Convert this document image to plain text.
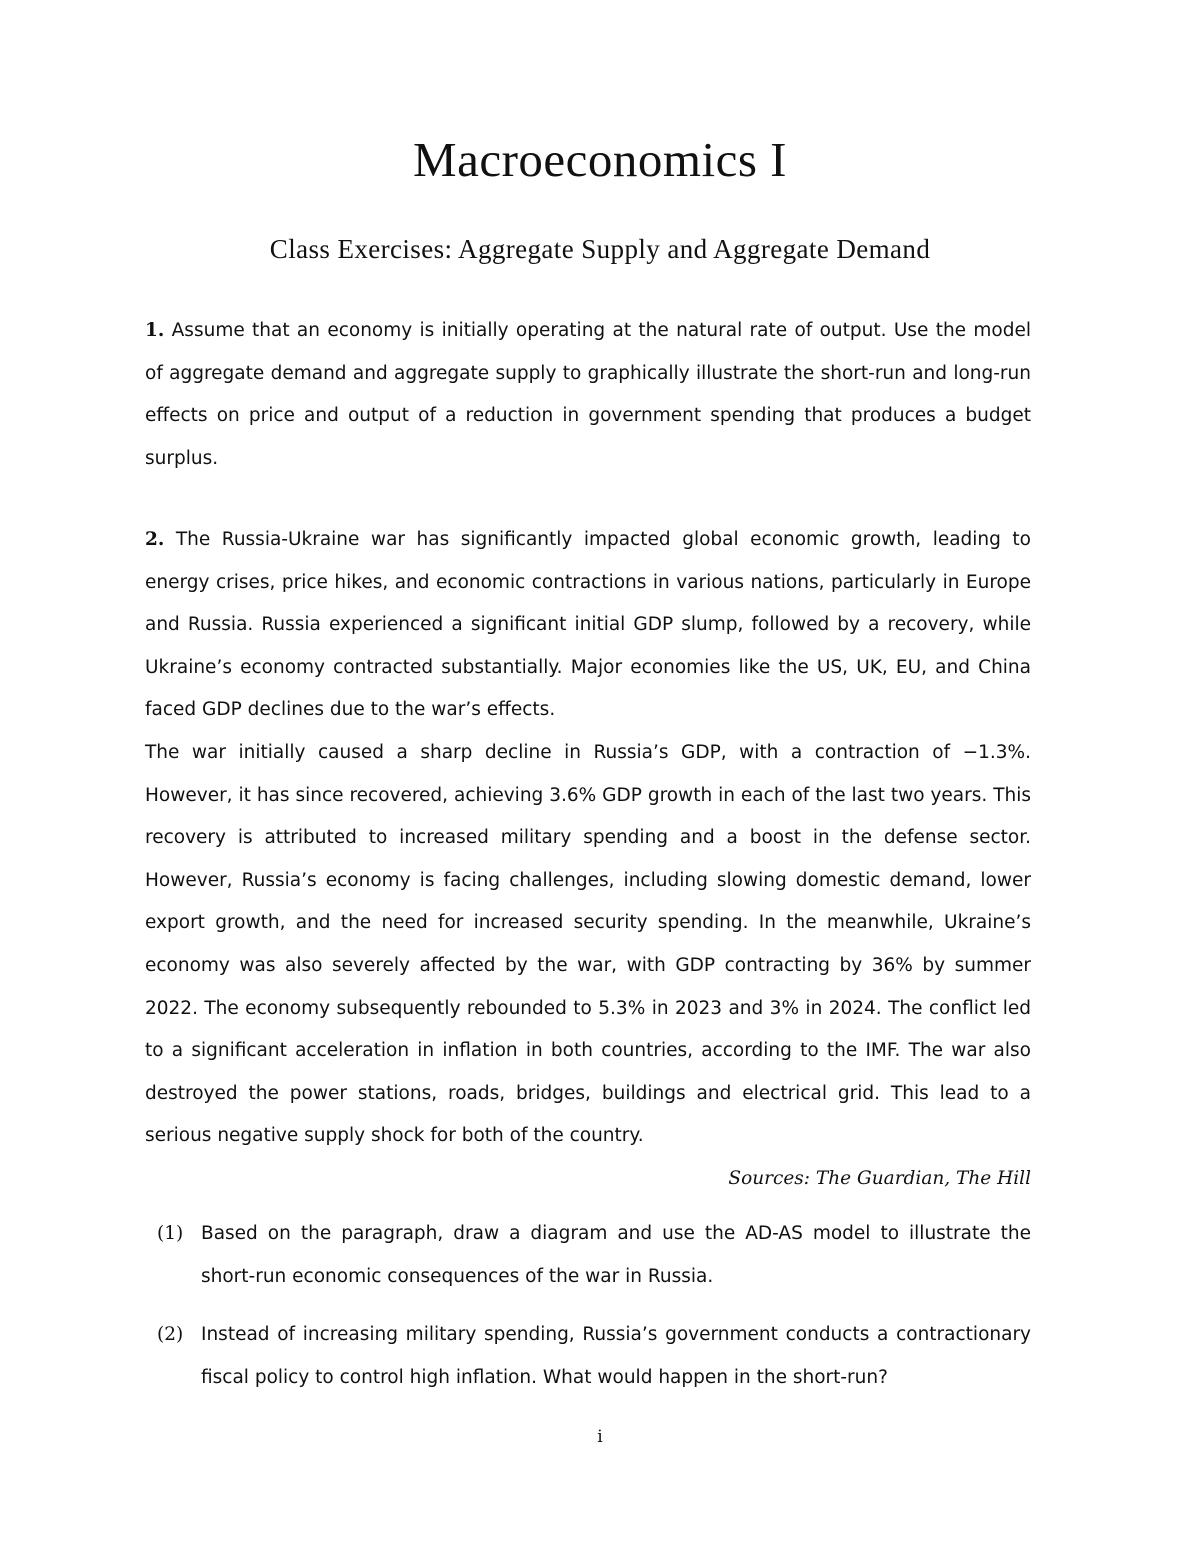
Macroeconomics I
Class Exercises: Aggregate Supply and Aggregate Demand

1. Assume that an economy is initially operating at the natural rate of output. Use the model of aggregate demand and aggregate supply to graphically illustrate the short-run and long-run effects on price and output of a reduction in government spending that produces a budget surplus.

2. The Russia-Ukraine war has significantly impacted global economic growth, leading to energy crises, price hikes, and economic contractions in various nations, particularly in Europe and Russia. Russia experienced a significant initial GDP slump, followed by a recovery, while Ukraine’s economy contracted substantially. Major economies like the US, UK, EU, and China faced GDP declines due to the war’s effects.

The war initially caused a sharp decline in Russia’s GDP, with a contraction of −1.3%. However, it has since recovered, achieving 3.6% GDP growth in each of the last two years. This recovery is attributed to increased military spending and a boost in the defense sector. However, Russia’s economy is facing challenges, including slowing domestic demand, lower export growth, and the need for increased security spending. In the meanwhile, Ukraine’s economy was also severely affected by the war, with GDP contracting by 36% by summer 2022. The economy subsequently rebounded to 5.3% in 2023 and 3% in 2024. The conflict led to a significant acceleration in inflation in both countries, according to the IMF. The war also destroyed the power stations, roads, bridges, buildings and electrical grid. This lead to a serious negative supply shock for both of the country.

Sources: The Guardian, The Hill

(1) Based on the paragraph, draw a diagram and use the AD-AS model to illustrate the short-run economic consequences of the war in Russia.
(2) Instead of increasing military spending, Russia’s government conducts a contractionary fiscal policy to control high inflation. What would happen in the short-run?
i
